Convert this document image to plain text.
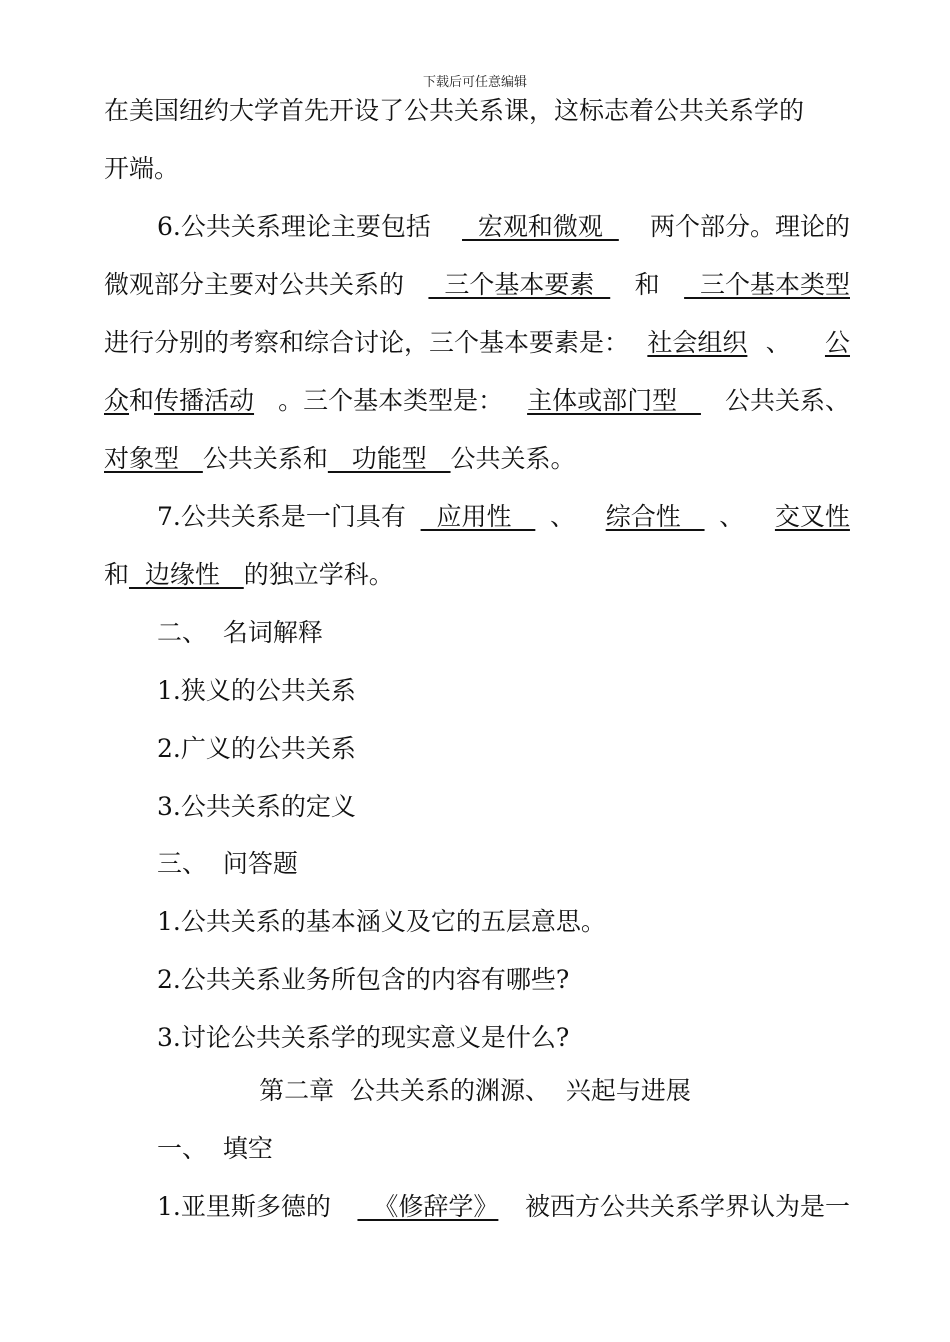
下载后可任意编辑
在美国纽约大学首先开设了公共关系课，这标志着公共关系学的
开端。
6.公共关系理论主要包括 宏观和微观 两个部分。理论的
微观部分主要对公共关系的 三个基本要素 和 三个基本类型
进行分别的考察和综合讨论，三个基本要素是： 社会组织 、 公
众和传播活动 。三个基本类型是： 主体或部门型 公共关系、
对象型   公共关系和   功能型   公共关系。
7.公共关系是一门具有 应用性 、 综合性 、 交叉性
和  边缘性   的独立学科。
二、  名词解释
1.狭义的公共关系
2.广义的公共关系
3.公共关系的定义
三、  问答题
1.公共关系的基本涵义及它的五层意思。
2.公共关系业务所包含的内容有哪些?
3.讨论公共关系学的现实意义是什么?
第二章  公共关系的渊源、  兴起与进展
一、  填空
1.亚里斯多德的 《修辞学》 被西方公共关系学界认为是一
